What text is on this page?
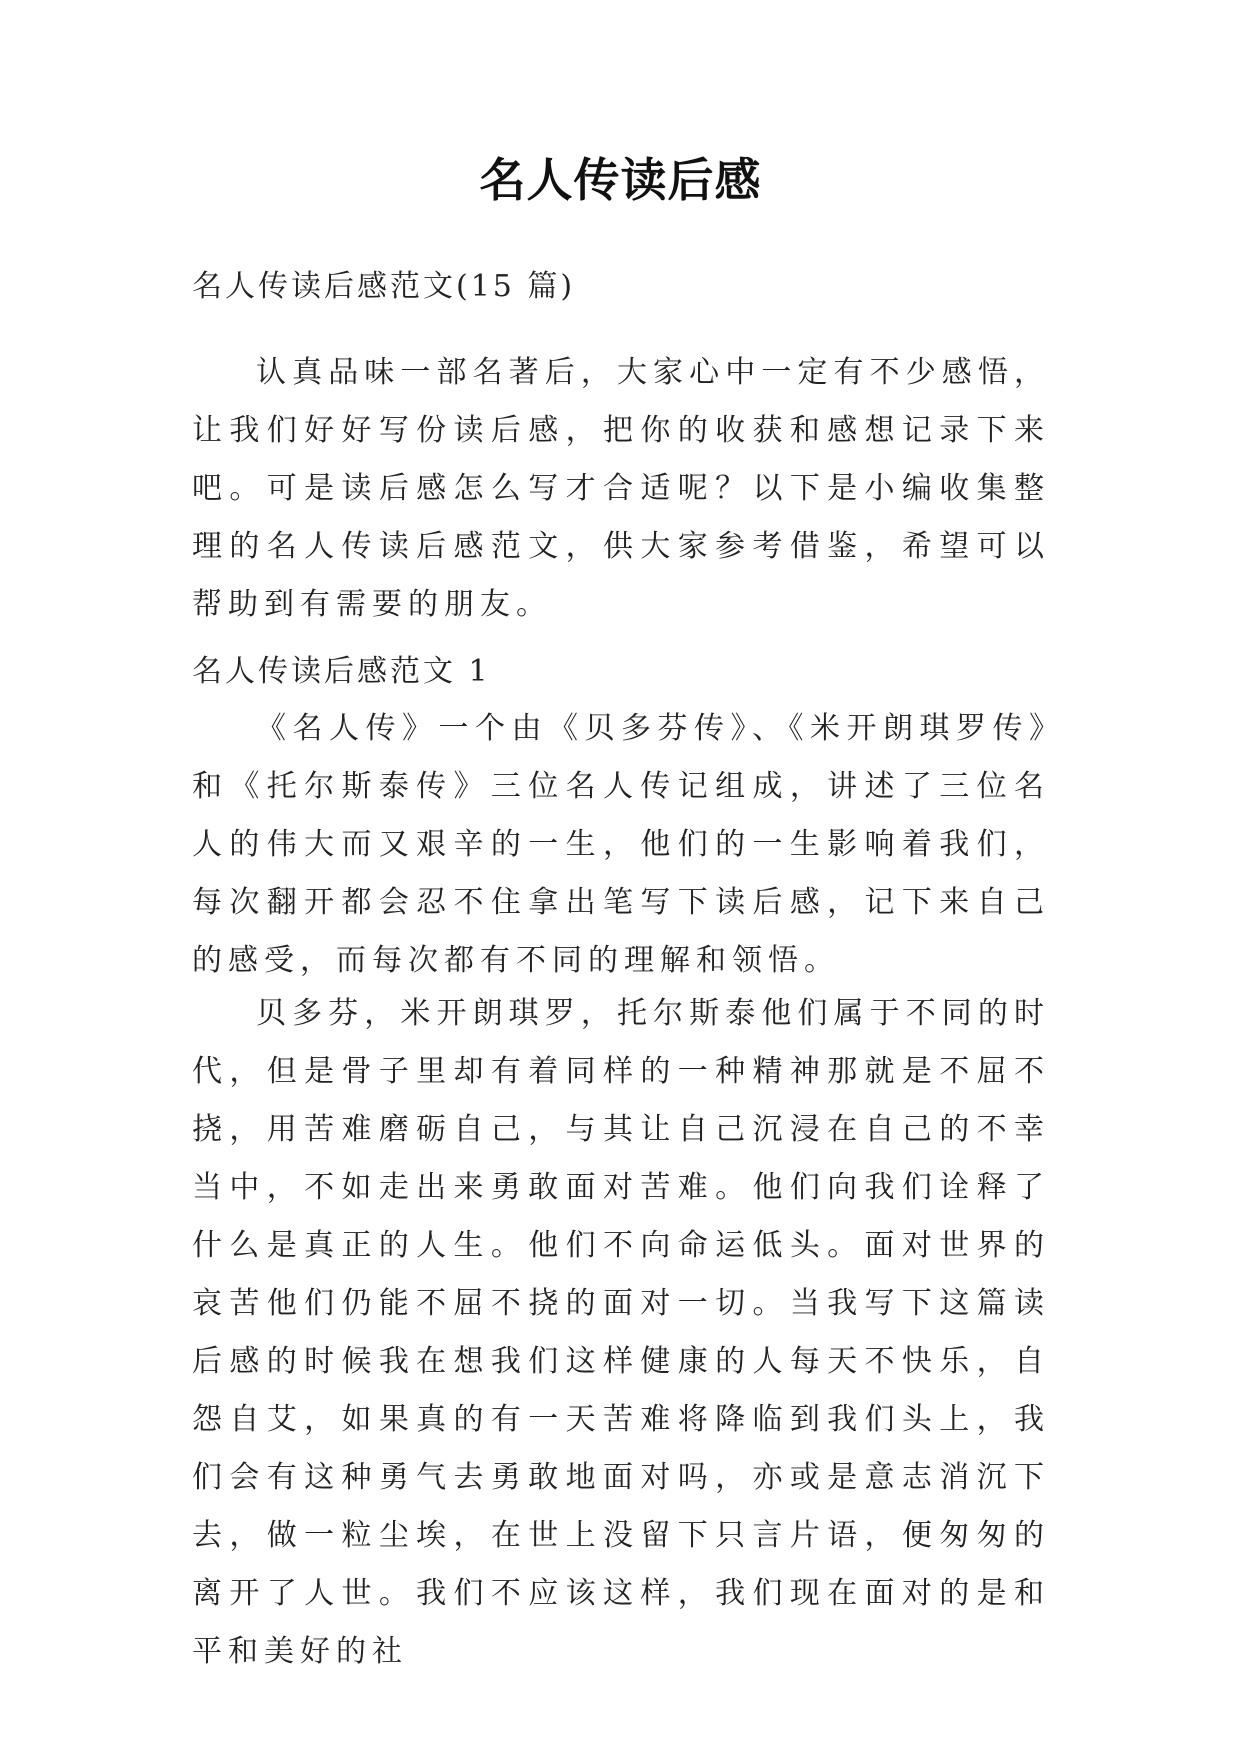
名人传读后感

名人传读后感范文(15 篇)

认真品味一部名著后，大家心中一定有不少感悟，让我们好好写份读后感，把你的收获和感想记录下来吧。可是读后感怎么写才合适呢？以下是小编收集整理的名人传读后感范文，供大家参考借鉴，希望可以帮助到有需要的朋友。

名人传读后感范文 1

《名人传》一个由《贝多芬传》、《米开朗琪罗传》和《托尔斯泰传》三位名人传记组成，讲述了三位名人的伟大而又艰辛的一生，他们的一生影响着我们，每次翻开都会忍不住拿出笔写下读后感，记下来自己的感受，而每次都有不同的理解和领悟。

贝多芬，米开朗琪罗，托尔斯泰他们属于不同的时代，但是骨子里却有着同样的一种精神那就是不屈不挠，用苦难磨砺自己，与其让自己沉浸在自己的不幸当中，不如走出来勇敢面对苦难。他们向我们诠释了什么是真正的人生。他们不向命运低头。面对世界的哀苦他们仍能不屈不挠的面对一切。当我写下这篇读后感的时候我在想我们这样健康的人每天不快乐，自怨自艾，如果真的有一天苦难将降临到我们头上，我们会有这种勇气去勇敢地面对吗，亦或是意志消沉下去，做一粒尘埃，在世上没留下只言片语，便匆匆的离开了人世。我们不应该这样，我们现在面对的是和平和美好的社
